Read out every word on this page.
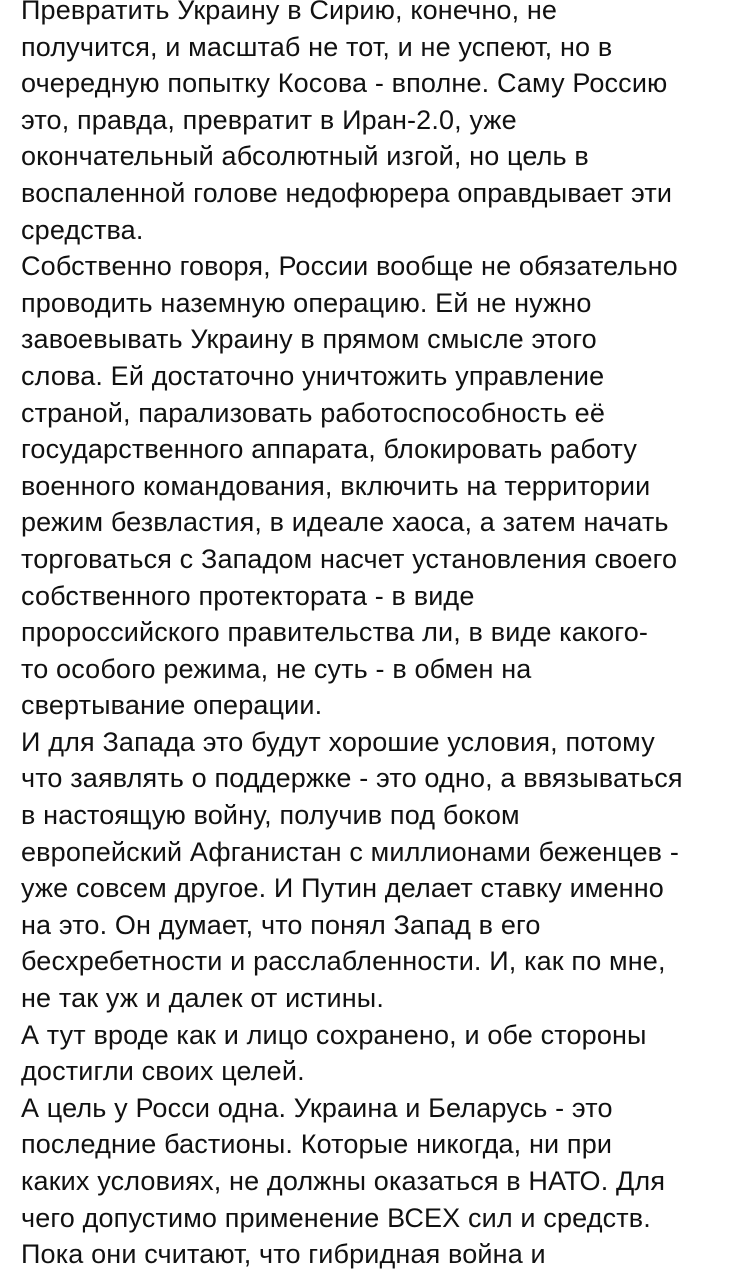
Превратить Украину в Сирию, конечно, не
получится, и масштаб не тот, и не успеют, но в
очередную попытку Косова - вполне. Саму Россию
это, правда, превратит в Иран-2.0, уже
окончательный абсолютный изгой, но цель в
воспаленной голове недофюрера оправдывает эти
средства.
Собственно говоря, России вообще не обязательно
проводить наземную операцию. Ей не нужно
завоевывать Украину в прямом смысле этого
слова. Ей достаточно уничтожить управление
страной, парализовать работоспособность её
государственного аппарата, блокировать работу
военного командования, включить на территории
режим безвластия, в идеале хаоса, а затем начать
торговаться с Западом насчет установления своего
собственного протектората - в виде
пророссийского правительства ли, в виде какого-
то особого режима, не суть - в обмен на
свертывание операции.
И для Запада это будут хорошие условия, потому
что заявлять о поддержке - это одно, а ввязываться
в настоящую войну, получив под боком
европейский Афганистан с миллионами беженцев -
уже совсем другое. И Путин делает ставку именно
на это. Он думает, что понял Запад в его
бесхребетности и расслабленности. И, как по мне,
не так уж и далек от истины.
А тут вроде как и лицо сохранено, и обе стороны
достигли своих целей.
А цель у Росси одна. Украина и Беларусь - это
последние бастионы. Которые никогда, ни при
каких условиях, не должны оказаться в НАТО. Для
чего допустимо применение ВСЕХ сил и средств.
Пока они считают, что гибридная война и
